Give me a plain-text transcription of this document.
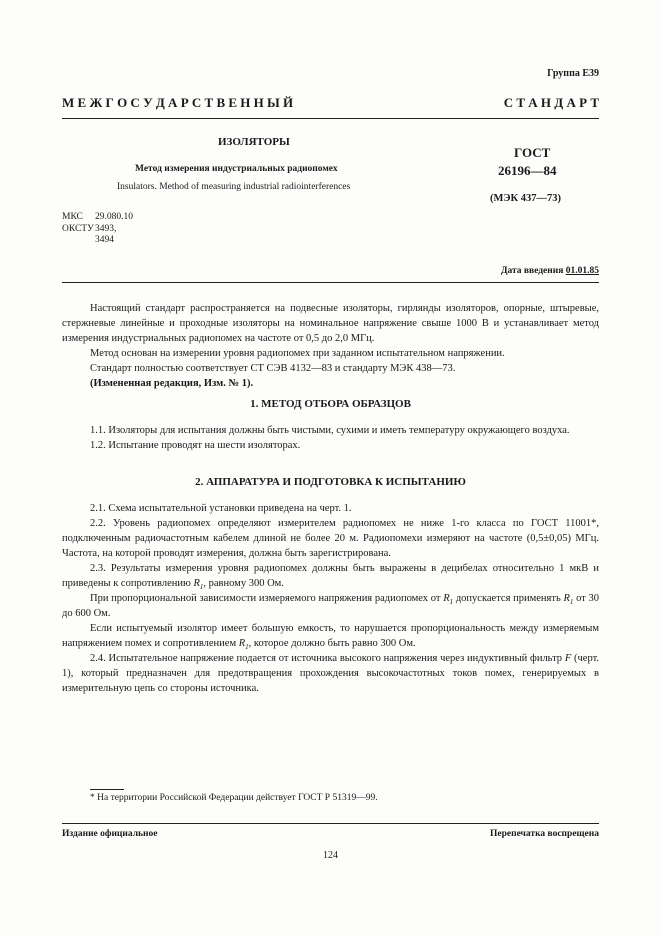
Группа Е39
М Е Ж Г О С У Д А Р С Т В Е Н Н Ы Й	С Т А Н Д А Р Т
ИЗОЛЯТОРЫ
Метод измерения индустриальных радиопомех
Insulators. Method of measuring industrial radiointerferences
ГОСТ
26196—84
(МЭК 437—73)
МКС 29.080.10
ОКСТУ3493,
3494
Дата введения 01.01.85

Настоящий стандарт распространяется на подвесные изоляторы, гирлянды изоляторов, опорные, штыревые, стержневые линейные и проходные изоляторы на номинальное напряжение свыше 1000 В и устанавливает метод измерения индустриальных радиопомех на частоте от 0,5 до 2,0 МГц.

Метод основан на измерении уровня радиопомех при заданном испытательном напряжении.

Стандарт полностью соответствует СТ СЭВ 4132—83 и стандарту МЭК 438—73.

(Измененная редакция, Изм. № 1).

1. МЕТОД ОТБОРА ОБРАЗЦОВ

1.1. Изоляторы для испытания должны быть чистыми, сухими и иметь температуру окружающего воздуха.

1.2. Испытание проводят на шести изоляторах.

2. АППАРАТУРА И ПОДГОТОВКА К ИСПЫТАНИЮ

2.1. Схема испытательной установки приведена на черт. 1.

2.2. Уровень радиопомех определяют измерителем радиопомех не ниже 1-го класса по ГОСТ 11001*, подключенным радиочастотным кабелем длиной не более 20 м. Радиопомехи измеряют на частоте (0,5±0,05) МГц. Частота, на которой проводят измерения, должна быть зарегистрирована.

2.3. Результаты измерения уровня радиопомех должны быть выражены в децибелах относительно 1 мкВ и приведены к сопротивлению $R_1$, равному 300 Ом.

При пропорциональной зависимости измеряемого напряжения радиопомех от $R_1$ допускается применять $R_1$ от 30 до 600 Ом.

Если испытуемый изолятор имеет большую емкость, то нарушается пропорциональность между измеряемым напряжением помех и сопротивлением $R_1$, которое должно быть равно 300 Ом.

2.4. Испытательное напряжение подается от источника высокого напряжения через индуктивный фильтр F (черт. 1), который предназначен для предотвращения прохождения высокочастотных токов помех, генерируемых в измерительную цепь со стороны источника.

* На территории Российской Федерации действует ГОСТ Р 51319—99.
Издание официальное	Перепечатка воспрещена
124
